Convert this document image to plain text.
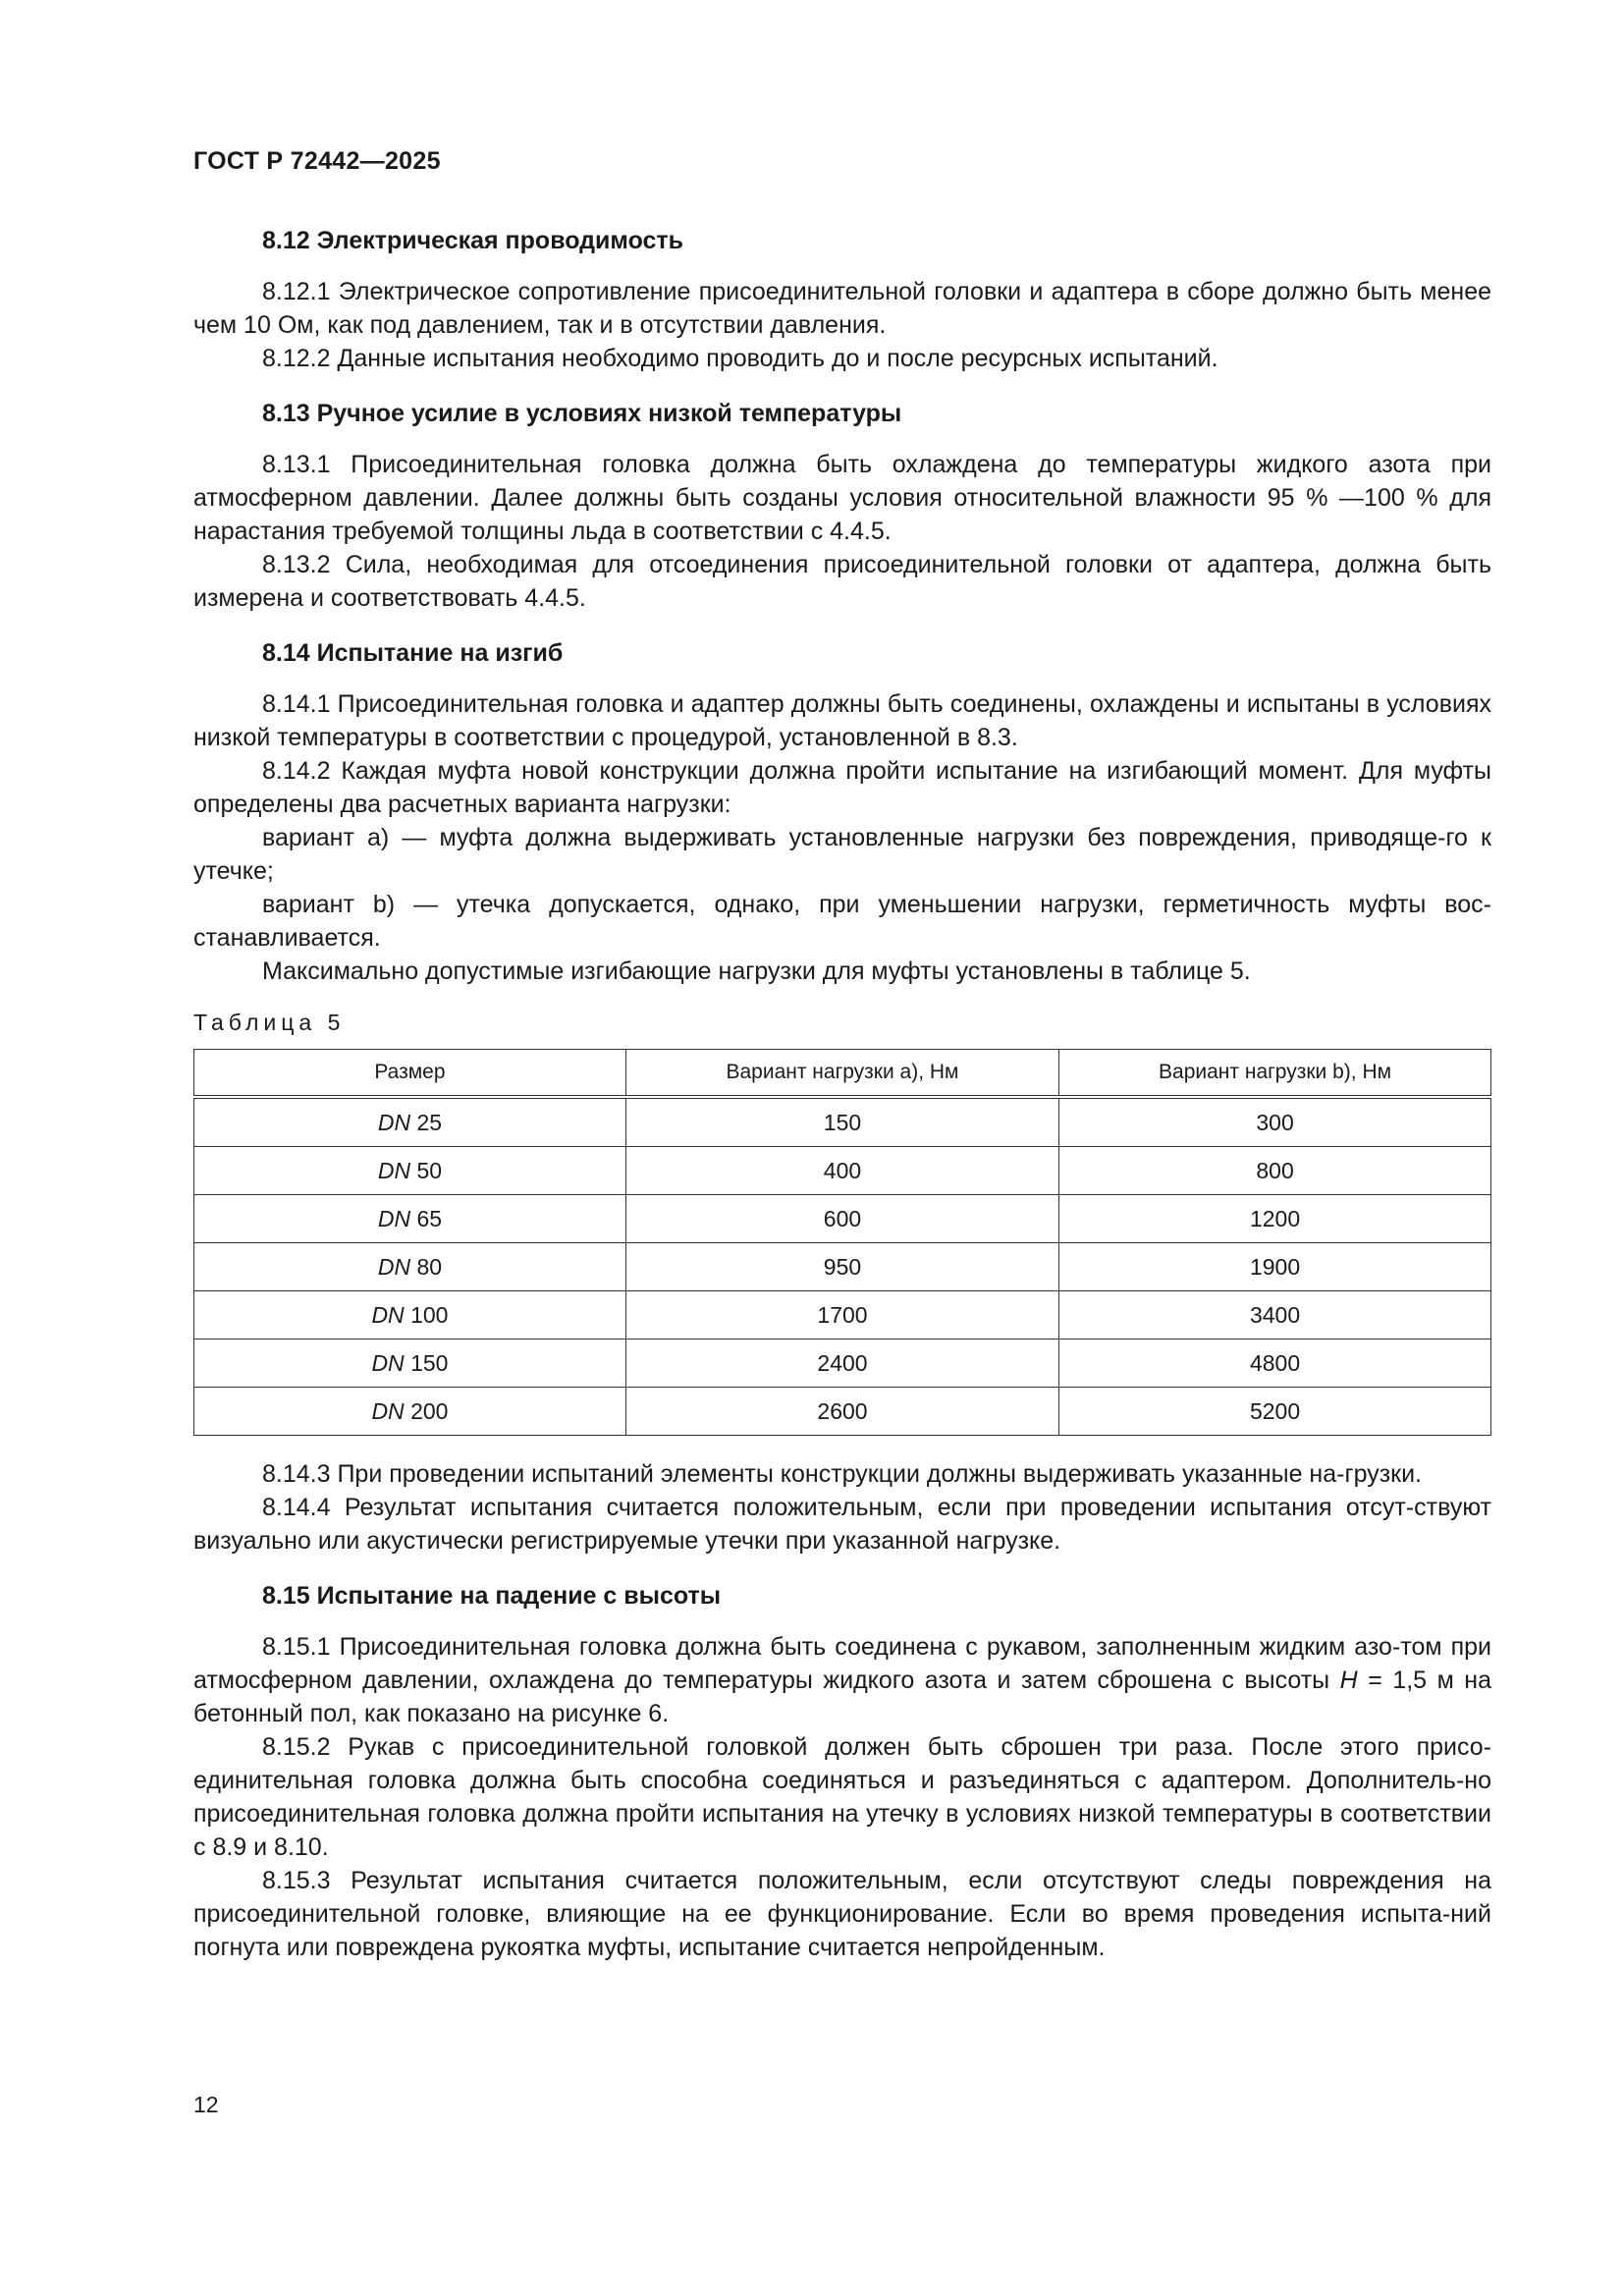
ГОСТ Р 72442—2025
8.12 Электрическая проводимость

8.12.1 Электрическое сопротивление присоединительной головки и адаптера в сборе должно быть менее чем 10 Ом, как под давлением, так и в отсутствии давления.

8.12.2 Данные испытания необходимо проводить до и после ресурсных испытаний.

8.13 Ручное усилие в условиях низкой температуры

8.13.1 Присоединительная головка должна быть охлаждена до температуры жидкого азота при атмосферном давлении. Далее должны быть созданы условия относительной влажности 95 % —100 % для нарастания требуемой толщины льда в соответствии с 4.4.5.

8.13.2 Сила, необходимая для отсоединения присоединительной головки от адаптера, должна быть измерена и соответствовать 4.4.5.

8.14 Испытание на изгиб

8.14.1 Присоединительная головка и адаптер должны быть соединены, охлаждены и испытаны в условиях низкой температуры в соответствии с процедурой, установленной в 8.3.

8.14.2 Каждая муфта новой конструкции должна пройти испытание на изгибающий момент. Для муфты определены два расчетных варианта нагрузки:

вариант а) — муфта должна выдерживать установленные нагрузки без повреждения, приводяще-го к утечке;

вариант b) — утечка допускается, однако, при уменьшении нагрузки, герметичность муфты вос-станавливается.

Максимально допустимые изгибающие нагрузки для муфты установлены в таблице 5.

Таблица 5
Размер	Вариант нагрузки а), Нм	Вариант нагрузки b), Нм
DN 25	150	300
DN 50	400	800
DN 65	600	1200
DN 80	950	1900
DN 100	1700	3400
DN 150	2400	4800
DN 200	2600	5200

8.14.3 При проведении испытаний элементы конструкции должны выдерживать указанные на-грузки.

8.14.4 Результат испытания считается положительным, если при проведении испытания отсут-ствуют визуально или акустически регистрируемые утечки при указанной нагрузке.

8.15 Испытание на падение с высоты

8.15.1 Присоединительная головка должна быть соединена с рукавом, заполненным жидким азо-том при атмосферном давлении, охлаждена до температуры жидкого азота и затем сброшена с высоты H = 1,5 м на бетонный пол, как показано на рисунке 6.

8.15.2 Рукав с присоединительной головкой должен быть сброшен три раза. После этого присо-единительная головка должна быть способна соединяться и разъединяться с адаптером. Дополнитель-но присоединительная головка должна пройти испытания на утечку в условиях низкой температуры в соответствии с 8.9 и 8.10.

8.15.3 Результат испытания считается положительным, если отсутствуют следы повреждения на присоединительной головке, влияющие на ее функционирование. Если во время проведения испыта-ний погнута или повреждена рукоятка муфты, испытание считается непройденным.

12
